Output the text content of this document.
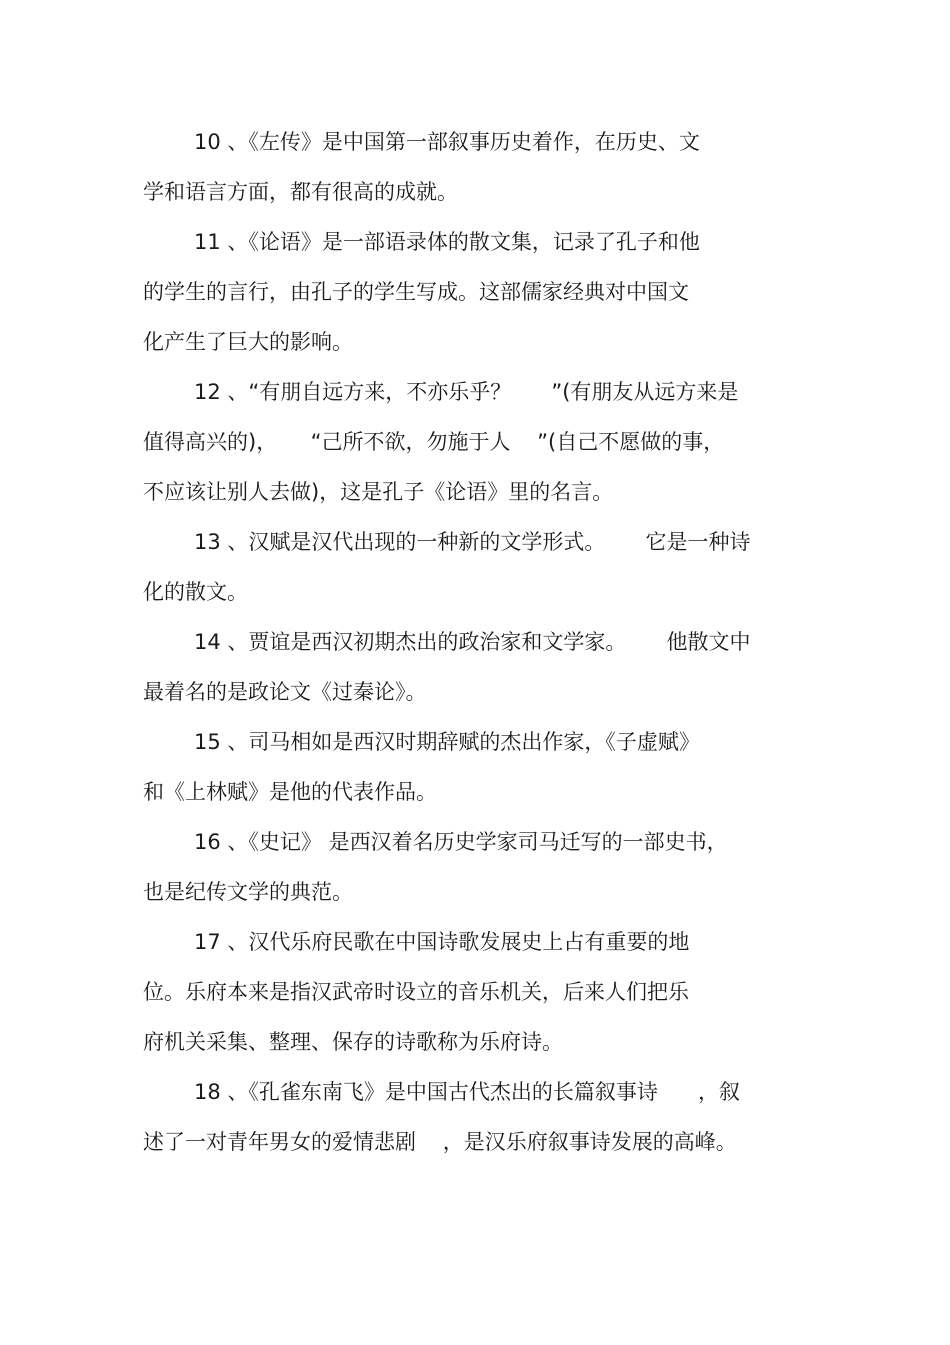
10 、《左传》是中国第一部叙事历史着作，在历史、文
学和语言方面，都有很高的成就。
11 、《论语》是一部语录体的散文集，记录了孔子和他
的学生的言行，由孔子的学生写成。这部儒家经典对中国文
化产生了巨大的影响。
12 、“有朋自远方来，不亦乐乎？      ”(有朋友从远方来是
值得高兴的)，     “己所不欲，勿施于人    ”(自己不愿做的事，
不应该让别人去做)，这是孔子《论语》里的名言。
13 、汉赋是汉代出现的一种新的文学形式。      它是一种诗
化的散文。
14 、贾谊是西汉初期杰出的政治家和文学家。      他散文中
最着名的是政论文《过秦论》。
15 、司马相如是西汉时期辞赋的杰出作家，《子虚赋》
和《上林赋》是他的代表作品。
16 、《史记》 是西汉着名历史学家司马迁写的一部史书，
也是纪传文学的典范。
17 、汉代乐府民歌在中国诗歌发展史上占有重要的地
位。乐府本来是指汉武帝时设立的音乐机关，后来人们把乐
府机关采集、整理、保存的诗歌称为乐府诗。
18 、《孔雀东南飞》是中国古代杰出的长篇叙事诗      ，叙
述了一对青年男女的爱情悲剧    ，是汉乐府叙事诗发展的高峰。
